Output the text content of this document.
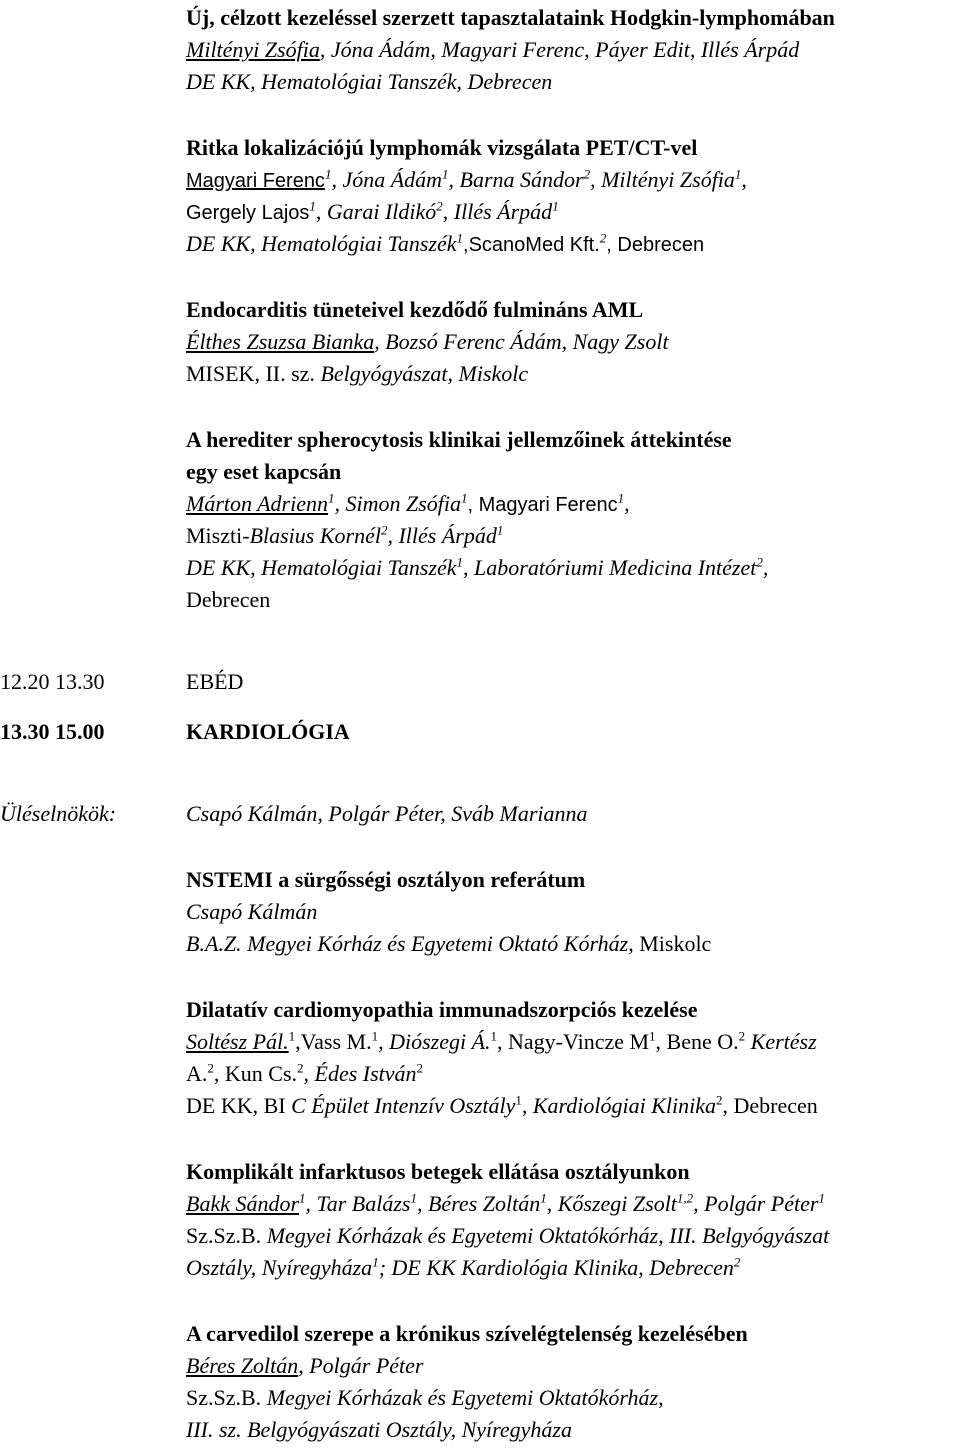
Új, célzott kezeléssel szerzett tapasztalataink Hodgkin-lymphomában
Miltényi Zsófia, Jóna Ádám, Magyari Ferenc, Páyer Edit, Illés Árpád
DE KK, Hematológiai Tanszék, Debrecen
Ritka lokalizációjú lymphomák vizsgálata PET/CT-vel
Magyari Ferenc$^1$, Jóna Ádám$^1$, Barna Sándor$^2$, Miltényi Zsófia$^1$,
Gergely Lajos$^1$, Garai Ildikó$^2$, Illés Árpád$^1$
DE KK, Hematológiai Tanszék$^1$,ScanoMed Kft.$^2$, Debrecen
Endocarditis tüneteivel kezdődő fulmináns AML
Élthes Zsuzsa Bianka, Bozsó Ferenc Ádám, Nagy Zsolt
MISEK, II. sz. Belgyógyászat, Miskolc
A herediter spherocytosis klinikai jellemzőinek áttekintése
egy eset kapcsán
Márton Adrienn$^1$, Simon Zsófia$^1$, Magyari Ferenc$^1$,
Miszti-Blasius Kornél$^2$, Illés Árpád$^1$
DE KK, Hematológiai Tanszék$^1$, Laboratóriumi Medicina Intézet$^2$,
Debrecen
12.20 13.30	EBÉD
13.30 15.00	KARDIOLÓGIA
Üléselnökök:	Csapó Kálmán, Polgár Péter, Sváb Marianna
NSTEMI a sürgősségi osztályon referátum
Csapó Kálmán
B.A.Z. Megyei Kórház és Egyetemi Oktató Kórház, Miskolc
Dilatatív cardiomyopathia immunadszorpciós kezelése
Soltész Pál.$^1$,Vass M.$^1$, Diószegi Á.$^1$, Nagy-Vincze $M^1$, Bene O.$^2$ Kertész
A.$^2$, Kun Cs.$^2$, Édes István$^2$
DE KK, BI C Épület Intenzív Osztály$^1$, Kardiológiai Klinika$^2$, Debrecen
Komplikált infarktusos betegek ellátása osztályunkon
Bakk Sándor$^1$, Tar Balázs$^1$, Béres Zoltán$^1$, Kőszegi Zsolt$^{1,2}$, Polgár Péter$^1$
Sz.Sz.B. Megyei Kórházak és Egyetemi Oktatókórház, III. Belgyógyászat
Osztály, Nyíregyháza$^1$; DE KK Kardiológia Klinika, Debrecen$^2$
A carvedilol szerepe a krónikus szívelégtelenség kezelésében
Béres Zoltán, Polgár Péter
Sz.Sz.B. Megyei Kórházak és Egyetemi Oktatókórház,
III. sz. Belgyógyászati Osztály, Nyíregyháza
